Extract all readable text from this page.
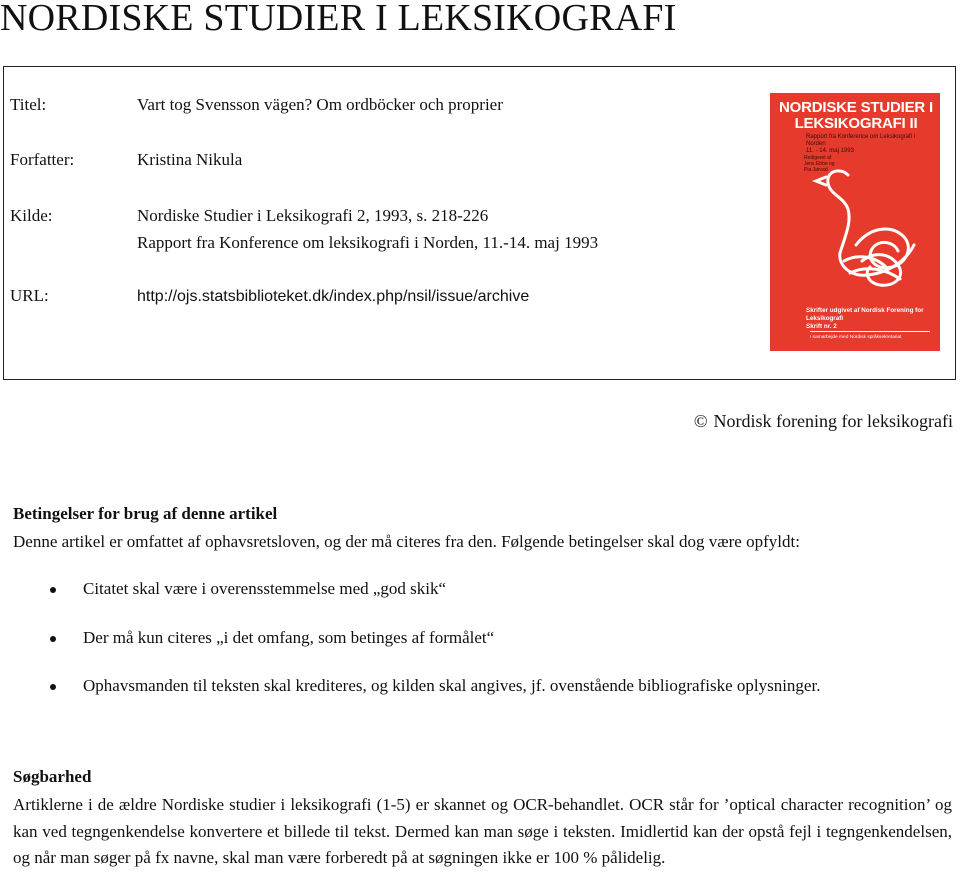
NORDISKE STUDIER I LEKSIKOGRAFI
Titel:	Vart tog Svensson vägen? Om ordböcker och proprier
Forfatter:	Kristina Nikula
Kilde:	Nordiske Studier i Leksikografi 2, 1993, s. 218-226
Rapport fra Konference om leksikografi i Norden, 11.-14. maj 1993
URL:	http://ojs.statsbiblioteket.dk/index.php/nsil/issue/archive
NORDISKE STUDIER I
LEKSIKOGRAFI II
Rapport fra Konference om Leksikografi i Norden
11. - 14. maj 1993
Redigeret af
Jens Ebbe og Pia Jarvad
Skrifter udgivet af Nordisk Forening for Leksikografi
Skrift nr. 2
I samarbejde med Nordisk språksekretariat
© Nordisk forening for leksikografi
Betingelser for brug af denne artikel
Denne artikel er omfattet af ophavsretsloven, og der må citeres fra den. Følgende betingelser skal dog være opfyldt:
Citatet skal være i overensstemmelse med „god skik“
Der må kun citeres „i det omfang, som betinges af formålet“
Ophavsmanden til teksten skal krediteres, og kilden skal angives, jf. ovenstående bibliografiske oplysninger.
Søgbarhed
Artiklerne i de ældre Nordiske studier i leksikografi (1-5) er skannet og OCR-behandlet. OCR står for ’optical character recognition’ og kan ved tegngenkendelse konvertere et billede til tekst. Dermed kan man søge i teksten. Imidlertid kan der opstå fejl i tegngenkendelsen, og når man søger på fx navne, skal man være forberedt på at søgningen ikke er 100 % pålidelig.
